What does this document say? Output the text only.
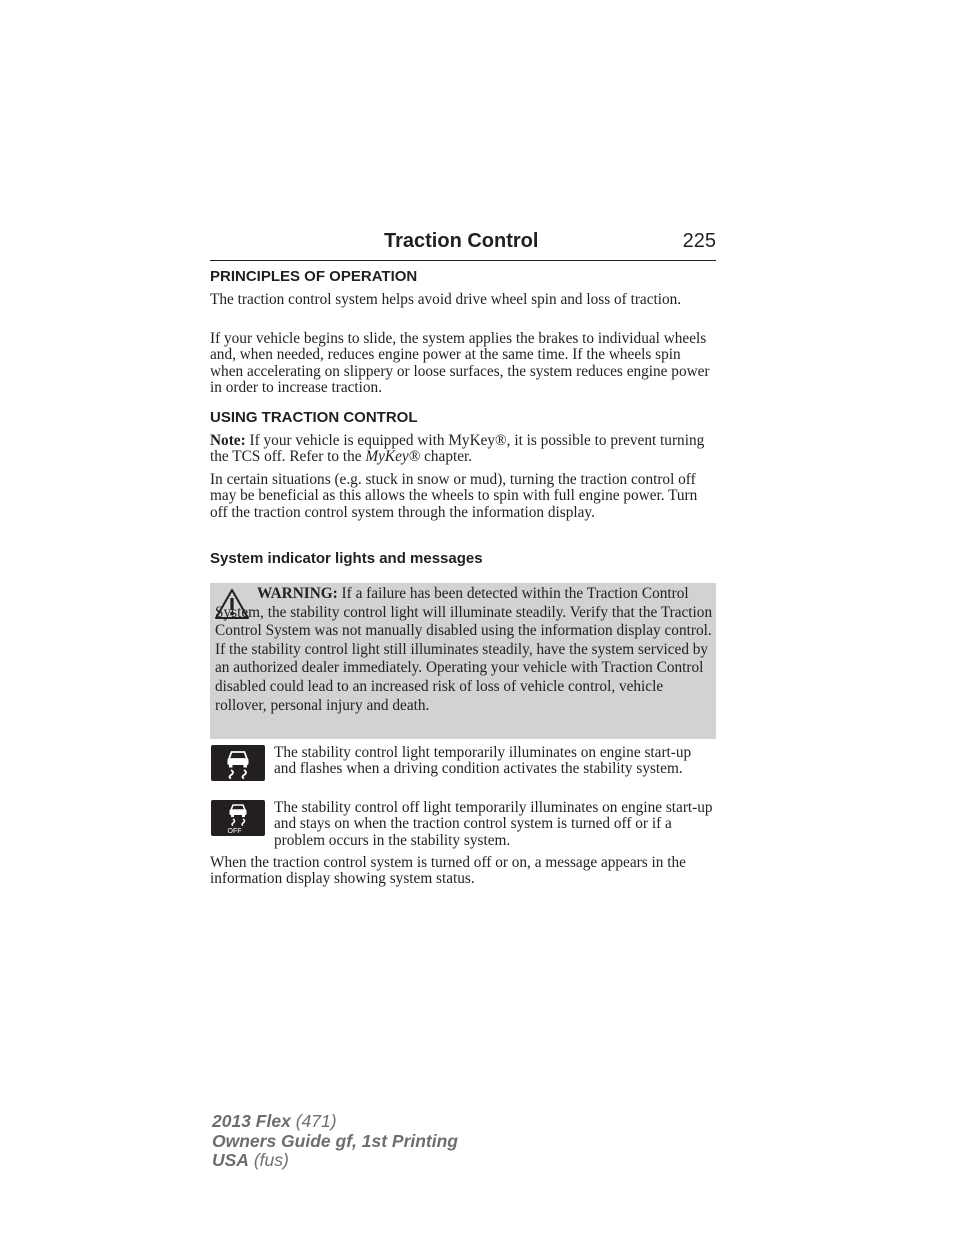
Traction Control	225
PRINCIPLES OF OPERATION
The traction control system helps avoid drive wheel spin and loss of traction.
If your vehicle begins to slide, the system applies the brakes to individual wheels and, when needed, reduces engine power at the same time. If the wheels spin when accelerating on slippery or loose surfaces, the system reduces engine power in order to increase traction.
USING TRACTION CONTROL
Note: If your vehicle is equipped with MyKey®, it is possible to prevent turning the TCS off. Refer to the MyKey® chapter.
In certain situations (e.g. stuck in snow or mud), turning the traction control off may be beneficial as this allows the wheels to spin with full engine power. Turn off the traction control system through the information display.
System indicator lights and messages
WARNING: If a failure has been detected within the Traction Control System, the stability control light will illuminate steadily. Verify that the Traction Control System was not manually disabled using the information display control. If the stability control light still illuminates steadily, have the system serviced by an authorized dealer immediately. Operating your vehicle with Traction Control disabled could lead to an increased risk of loss of vehicle control, vehicle rollover, personal injury and death.
The stability control light temporarily illuminates on engine start-up and flashes when a driving condition activates the stability system.
OFF
The stability control off light temporarily illuminates on engine start-up and stays on when the traction control system is turned off or if a problem occurs in the stability system.
When the traction control system is turned off or on, a message appears in the information display showing system status.
2013 Flex (471)
Owners Guide gf, 1st Printing
USA (fus)
